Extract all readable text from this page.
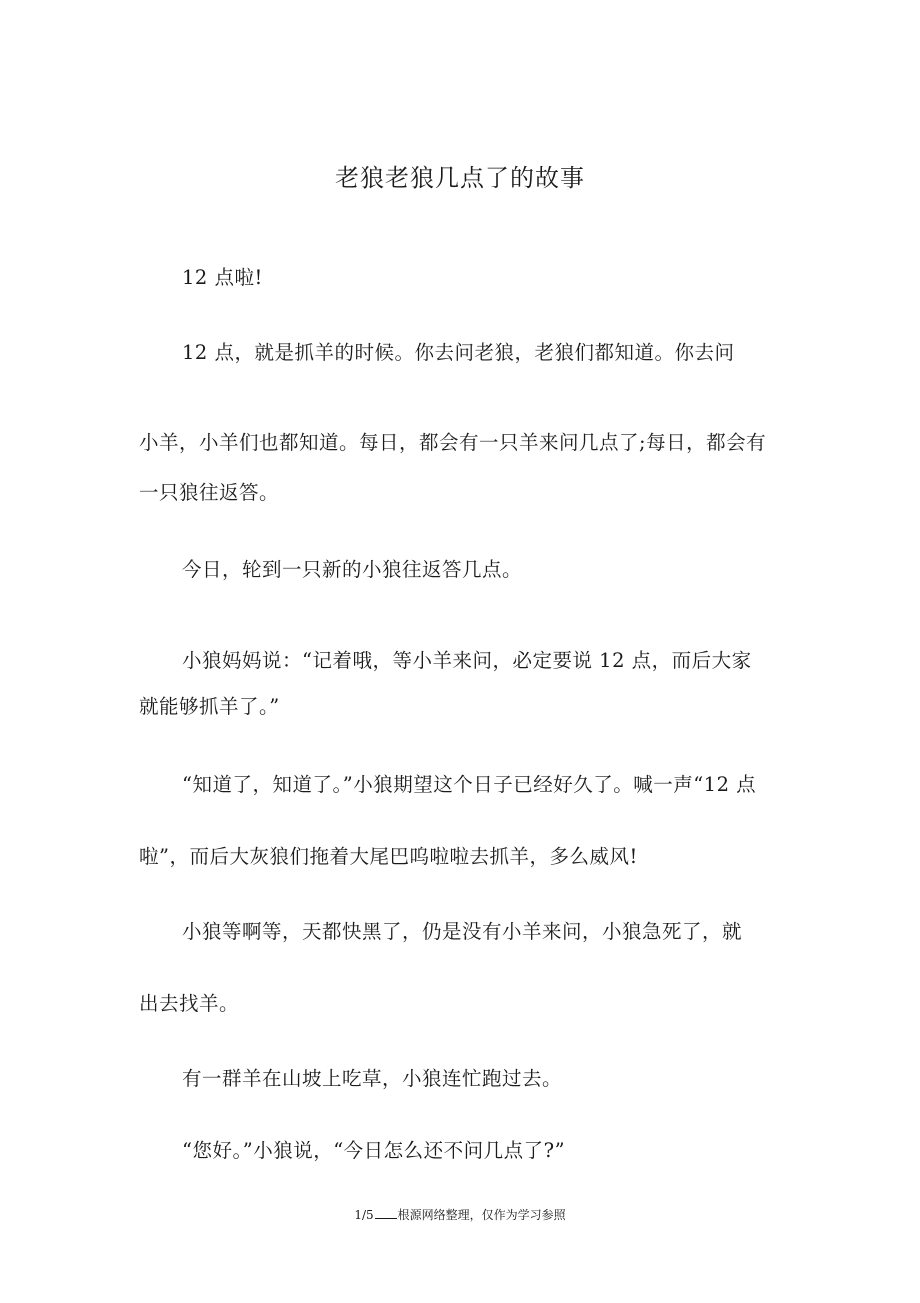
老狼老狼几点了的故事
12 点啦!
12 点，就是抓羊的时候。你去问老狼，老狼们都知道。你去问
小羊，小羊们也都知道。每日，都会有一只羊来问几点了;每日，都会有
一只狼往返答。
今日，轮到一只新的小狼往返答几点。
小狼妈妈说：“记着哦，等小羊来问，必定要说 12 点，而后大家
就能够抓羊了。”
“知道了，知道了。”小狼期望这个日子已经好久了。喊一声“12 点
啦”，而后大灰狼们拖着大尾巴呜啦啦去抓羊，多么威风!
小狼等啊等，天都快黑了，仍是没有小羊来问，小狼急死了，就
出去找羊。
有一群羊在山坡上吃草，小狼连忙跑过去。
“您好。”小狼说，“今日怎么还不问几点了?”
1/5 根源网络整理，仅作为学习参照
